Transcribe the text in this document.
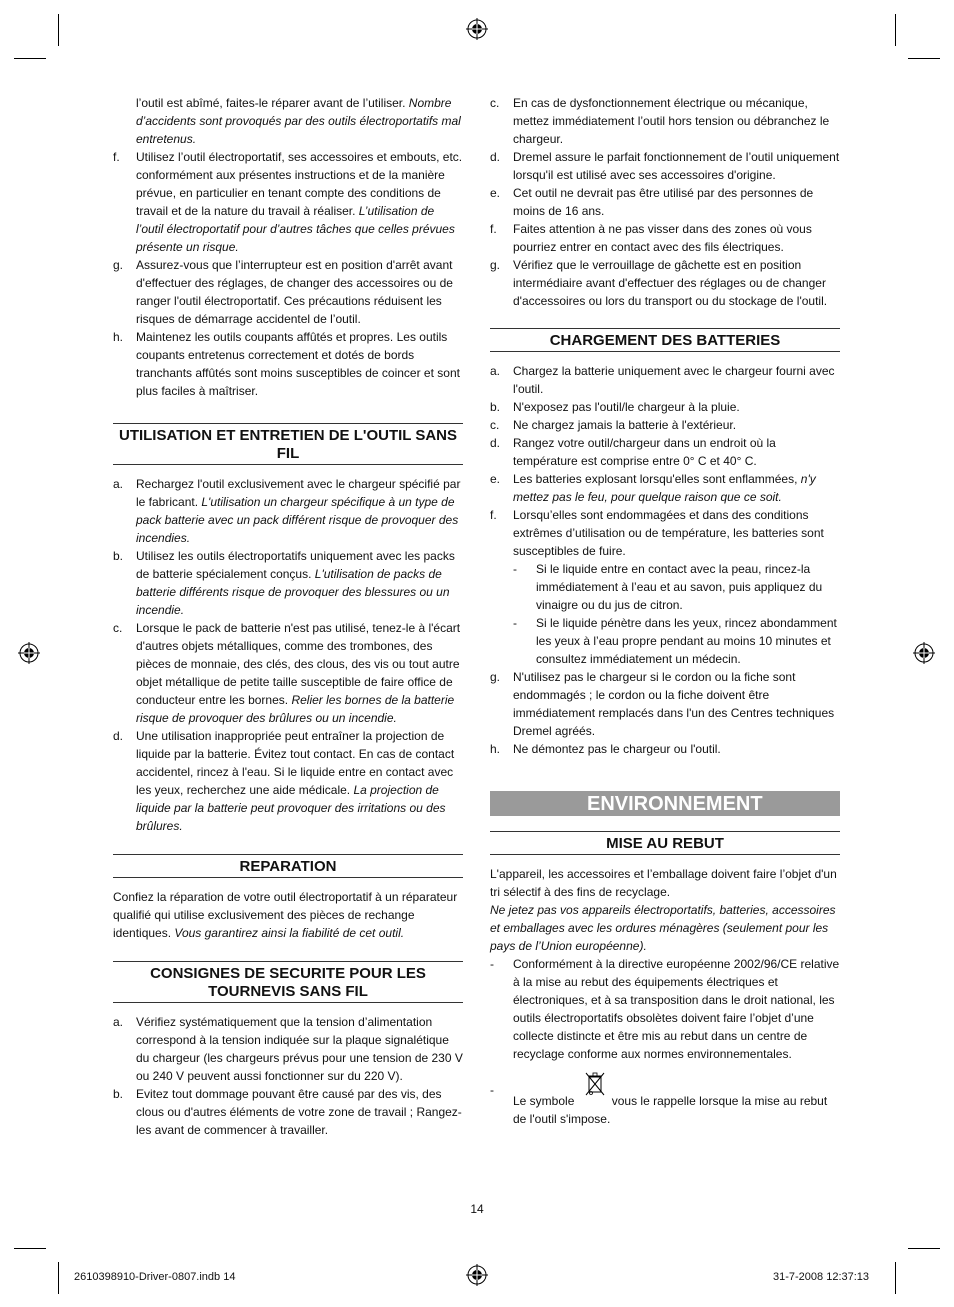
l’outil est abîmé, faites-le réparer avant de l’utiliser. Nombre d’accidents sont provoqués par des outils électroportatifs mal entretenus.

f. Utilisez l’outil électroportatif, ses accessoires et embouts, etc. conformément aux présentes instructions et de la manière prévue, en particulier en tenant compte des conditions de travail et de la nature du travail à réaliser. L’utilisation de l’outil électroportatif pour d’autres tâches que celles prévues présente un risque.
g. Assurez-vous que l’interrupteur est en position d'arrêt avant d'effectuer des réglages, de changer des accessoires ou de ranger l'outil électroportatif. Ces précautions réduisent les risques de démarrage accidentel de l’outil.
h. Maintenez les outils coupants affûtés et propres. Les outils coupants entretenus correctement et dotés de bords tranchants affûtés sont moins susceptibles de coincer et sont plus faciles à maîtriser.
UTILISATION ET ENTRETIEN DE L'OUTIL SANS FIL
a. Rechargez l'outil exclusivement avec le chargeur spécifié par le fabricant. L'utilisation un chargeur spécifique à un type de pack batterie avec un pack différent risque de provoquer des incendies.
b. Utilisez les outils électroportatifs uniquement avec les packs de batterie spécialement conçus. L'utilisation de packs de batterie différents risque de provoquer des blessures ou un incendie.
c. Lorsque le pack de batterie n'est pas utilisé, tenez-le à l'écart d'autres objets métalliques, comme des trombones, des pièces de monnaie, des clés, des clous, des vis ou tout autre objet métallique de petite taille susceptible de faire office de conducteur entre les bornes. Relier les bornes de la batterie risque de provoquer des brûlures ou un incendie.
d. Une utilisation inappropriée peut entraîner la projection de liquide par la batterie. Évitez tout contact. En cas de contact accidentel, rincez à l'eau. Si le liquide entre en contact avec les yeux, recherchez une aide médicale. La projection de liquide par la batterie peut provoquer des irritations ou des brûlures.
REPARATION

Confiez la réparation de votre outil électroportatif à un réparateur qualifié qui utilise exclusivement des pièces de rechange identiques. Vous garantirez ainsi la fiabilité de cet outil.

CONSIGNES DE SECURITE POUR LES TOURNEVIS SANS FIL
a. Vérifiez systématiquement que la tension d’alimentation correspond à la tension indiquée sur la plaque signalétique du chargeur (les chargeurs prévus pour une tension de 230 V ou 240 V peuvent aussi fonctionner sur du 220 V).
b. Evitez tout dommage pouvant être causé par des vis, des clous ou d'autres éléments de votre zone de travail ; Rangez-les avant de commencer à travailler.
c. En cas de dysfonctionnement électrique ou mécanique, mettez immédiatement l’outil hors tension ou débranchez le chargeur.
d. Dremel assure le parfait fonctionnement de l’outil uniquement lorsqu'il est utilisé avec ses accessoires d'origine.
e. Cet outil ne devrait pas être utilisé par des personnes de moins de 16 ans.
f. Faites attention à ne pas visser dans des zones où vous pourriez entrer en contact avec des fils électriques.
g. Vérifiez que le verrouillage de gâchette est en position intermédiaire avant d'effectuer des réglages ou de changer d'accessoires ou lors du transport ou du stockage de l'outil.
CHARGEMENT DES BATTERIES
a. Chargez la batterie uniquement avec le chargeur fourni avec l'outil.
b. N'exposez pas l'outil/le chargeur à la pluie.
c. Ne chargez jamais la batterie à l'extérieur.
d. Rangez votre outil/chargeur dans un endroit où la température est comprise entre 0° C et 40° C.
e. Les batteries explosant lorsqu'elles sont enflammées, n'y mettez pas le feu, pour quelque raison que ce soit.
f. Lorsqu’elles sont endommagées et dans des conditions extrêmes d’utilisation ou de température, les batteries sont susceptibles de fuire.
- Si le liquide entre en contact avec la peau, rincez-la immédiatement à l’eau et au savon, puis appliquez du vinaigre ou du jus de citron.
- Si le liquide pénètre dans les yeux, rincez abondamment les yeux à l’eau propre pendant au moins 10 minutes et consultez immédiatement un médecin.
g. N'utilisez pas le chargeur si le cordon ou la fiche sont endommagés ; le cordon ou la fiche doivent être immédiatement remplacés dans l'un des Centres techniques Dremel agréés.
h. Ne démontez pas le chargeur ou l'outil.
ENVIRONNEMENT
MISE AU REBUT

L'appareil, les accessoires et l’emballage doivent faire l’objet d'un tri sélectif à des fins de recyclage.

Ne jetez pas vos appareils électroportatifs, batteries, accessoires et emballages avec les ordures ménagères (seulement pour les pays de l’Union européenne).

- Conformément à la directive européenne 2002/96/CE relative à la mise au rebut des équipements électriques et électroniques, et à sa transposition dans le droit national, les outils électroportatifs obsolètes doivent faire l’objet d’une collecte distincte et être mis au rebut dans un centre de recyclage conforme aux normes environnementales.
-
Le symbole	vous le rappelle lorsque la mise au rebut de l'outil s'impose.
14
2610398910-Driver-0807.indb 14	31-7-2008 12:37:13
